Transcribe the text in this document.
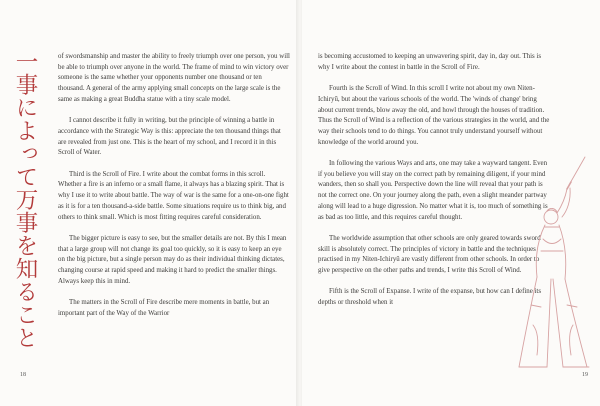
一事によって万事を知ること	of swordsmanship and master the ability to freely triumph over one person, you will be able to triumph over anyone in the world. The frame of mind to win victory over someone is the same whether your opponents number one thousand or ten thousand. A general of the army applying small concepts on the large scale is the same as making a great Buddha statue with a tiny scale model.

I cannot describe it fully in writing, but the principle of winning a battle in accordance with the Strategic Way is this: appreciate the ten thousand things that are revealed from just one. This is the heart of my school, and I record it in this Scroll of Water.

Third is the Scroll of Fire. I write about the combat forms in this scroll. Whether a fire is an inferno or a small flame, it always has a blazing spirit. That is why I use it to write about battle. The way of war is the same for a one-on-one fight as it is for a ten thousand-a-side battle. Some situations require us to think big, and others to think small. Which is most fitting requires careful consideration.

The bigger picture is easy to see, but the smaller details are not. By this I mean that a large group will not change its goal too quickly, so it is easy to keep an eye on the big picture, but a single person may do as their individual thinking dictates, changing course at rapid speed and making it hard to predict the smaller things. Always keep this in mind.

The matters in the Scroll of Fire describe mere moments in battle, but an important part of the Way of the Warrior

18

is becoming accustomed to keeping an unwavering spirit, day in, day out. This is why I write about the contest in battle in the Scroll of Fire.

Fourth is the Scroll of Wind. In this scroll I write not about my own Niten-Ichiryū, but about the various schools of the world. The 'winds of change' bring about current trends, blow away the old, and howl through the houses of tradition. Thus the Scroll of Wind is a reflection of the various strategies in the world, and the way their schools tend to do things. You cannot truly understand yourself without knowledge of the world around you.

In following the various Ways and arts, one may take a wayward tangent. Even if you believe you will stay on the correct path by remaining diligent, if your mind wanders, then so shall you. Perspective down the line will reveal that your path is not the correct one. On your journey along the path, even a slight meander partway along will lead to a huge digression. No matter what it is, too much of something is as bad as too little, and this requires careful thought.

The worldwide assumption that other schools are only geared towards sword skill is absolutely correct. The principles of victory in battle and the techniques practised in my Niten-Ichiryū are vastly different from other schools. In order to give perspective on the other paths and trends, I write this Scroll of Wind.

Fifth is the Scroll of Expanse. I write of the expanse, but how can I define its depths or threshold when it

19
